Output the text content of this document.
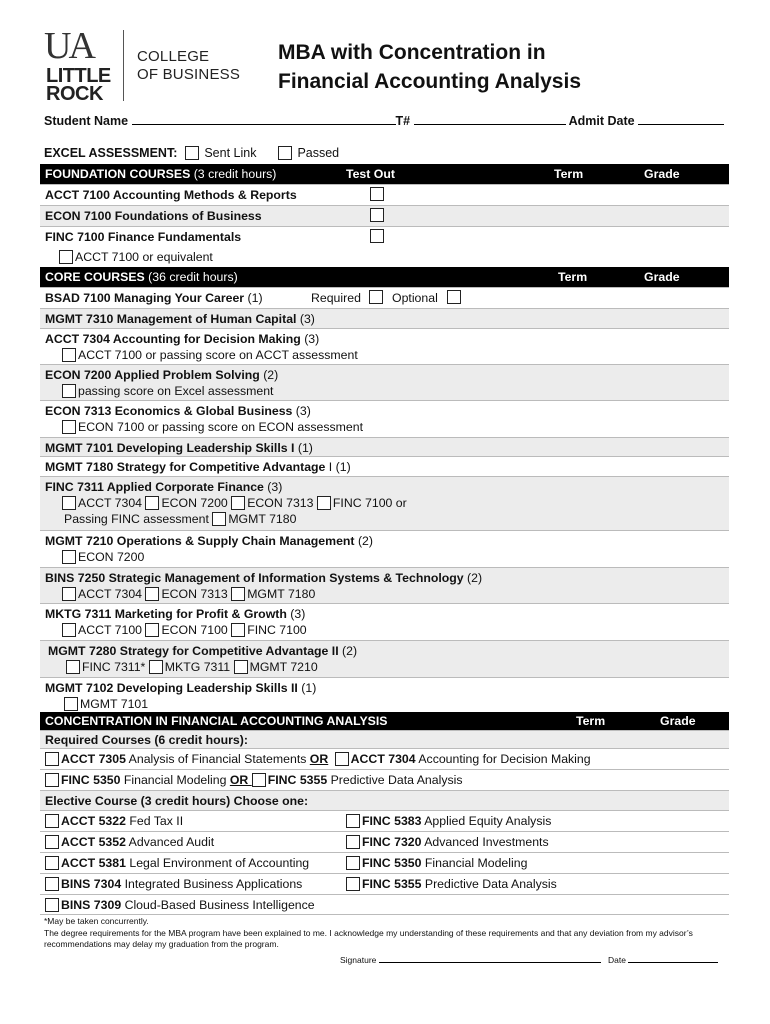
UA
LITTLE
ROCK
COLLEGE
OF BUSINESS
MBA with Concentration in
Financial Accounting Analysis
Student Name	T#	Admit Date
EXCEL ASSESSMENT: Sent Link	Passed
FOUNDATION COURSES (3 credit hours)	Test Out	Term	Grade
ACCT 7100 Accounting Methods & Reports
ECON 7100 Foundations of Business
FINC 7100 Finance Fundamentals
ACCT 7100 or equivalent
CORE COURSES (36 credit hours)	Term	Grade
BSAD 7100 Managing Your Career (1)	Required	Optional
MGMT 7310 Management of Human Capital (3)
ACCT 7304 Accounting for Decision Making (3)
ACCT 7100 or passing score on ACCT assessment
ECON 7200 Applied Problem Solving (2)
passing score on Excel assessment
ECON 7313 Economics & Global Business (3)
ECON 7100 or passing score on ECON assessment
MGMT 7101 Developing Leadership Skills I (1)
MGMT 7180 Strategy for Competitive Advantage I (1)
FINC 7311 Applied Corporate Finance (3)
ACCT 7304 ECON 7200 ECON 7313 FINC 7100 or
Passing FINC assessment MGMT 7180
MGMT 7210 Operations & Supply Chain Management (2)
ECON 7200
BINS 7250 Strategic Management of Information Systems & Technology (2)
ACCT 7304 ECON 7313 MGMT 7180
MKTG 7311 Marketing for Profit & Growth (3)
ACCT 7100 ECON 7100 FINC 7100
MGMT 7280 Strategy for Competitive Advantage II (2)
FINC 7311* MKTG 7311 MGMT 7210
MGMT 7102 Developing Leadership Skills II (1)
MGMT 7101
CONCENTRATION IN FINANCIAL ACCOUNTING ANALYSIS	Term	Grade
Required Courses (6 credit hours):
ACCT 7305 Analysis of Financial Statements OR ACCT 7304 Accounting for Decision Making
FINC 5350 Financial Modeling OR FINC 5355 Predictive Data Analysis
Elective Course (3 credit hours) Choose one:
ACCT 5322 Fed Tax II	FINC 5383 Applied Equity Analysis
ACCT 5352 Advanced Audit	FINC 7320 Advanced Investments
ACCT 5381 Legal Environment of Accounting	FINC 5350 Financial Modeling
BINS 7304 Integrated Business Applications	FINC 5355 Predictive Data Analysis
BINS 7309 Cloud-Based Business Intelligence
*May be taken concurrently.
The degree requirements for the MBA program have been explained to me. I acknowledge my understanding of these requirements and that any deviation from my advisor’s recommendations may delay my graduation from the program.
Signature	Date
